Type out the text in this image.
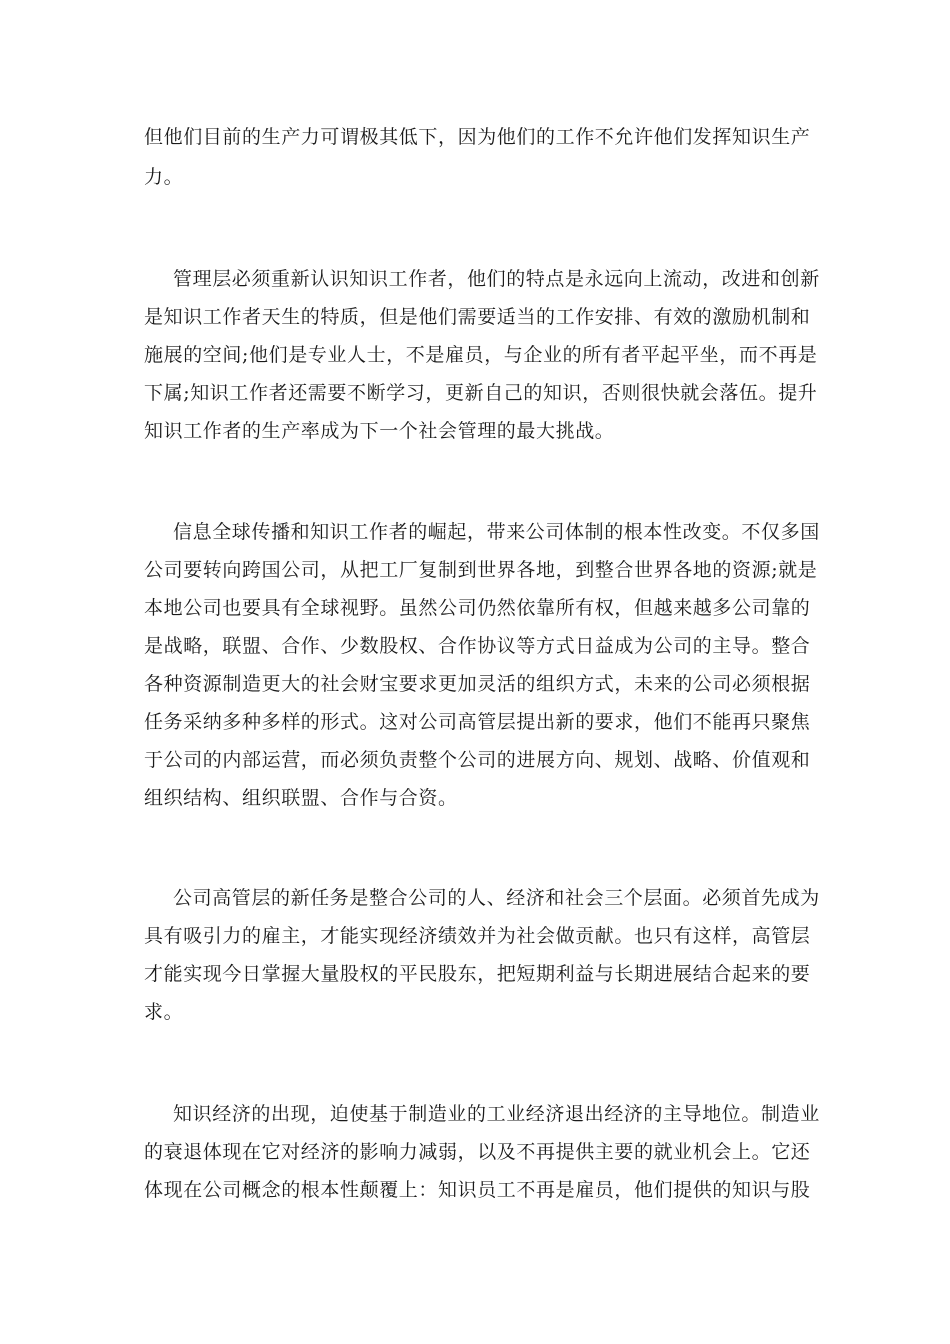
但他们目前的生产力可谓极其低下，因为他们的工作不允许他们发挥知识生产
力。
管理层必须重新认识知识工作者，他们的特点是永远向上流动，改进和创新
是知识工作者天生的特质，但是他们需要适当的工作安排、有效的激励机制和
施展的空间;他们是专业人士，不是雇员，与企业的所有者平起平坐，而不再是
下属;知识工作者还需要不断学习，更新自己的知识，否则很快就会落伍。提升
知识工作者的生产率成为下一个社会管理的最大挑战。
信息全球传播和知识工作者的崛起，带来公司体制的根本性改变。不仅多国
公司要转向跨国公司，从把工厂复制到世界各地，到整合世界各地的资源;就是
本地公司也要具有全球视野。虽然公司仍然依靠所有权，但越来越多公司靠的
是战略，联盟、合作、少数股权、合作协议等方式日益成为公司的主导。整合
各种资源制造更大的社会财宝要求更加灵活的组织方式，未来的公司必须根据
任务采纳多种多样的形式。这对公司高管层提出新的要求，他们不能再只聚焦
于公司的内部运营，而必须负责整个公司的进展方向、规划、战略、价值观和
组织结构、组织联盟、合作与合资。
公司高管层的新任务是整合公司的人、经济和社会三个层面。必须首先成为
具有吸引力的雇主，才能实现经济绩效并为社会做贡献。也只有这样，高管层
才能实现今日掌握大量股权的平民股东，把短期利益与长期进展结合起来的要
求。
知识经济的出现，迫使基于制造业的工业经济退出经济的主导地位。制造业
的衰退体现在它对经济的影响力减弱，以及不再提供主要的就业机会上。它还
体现在公司概念的根本性颠覆上：知识员工不再是雇员，他们提供的知识与股
